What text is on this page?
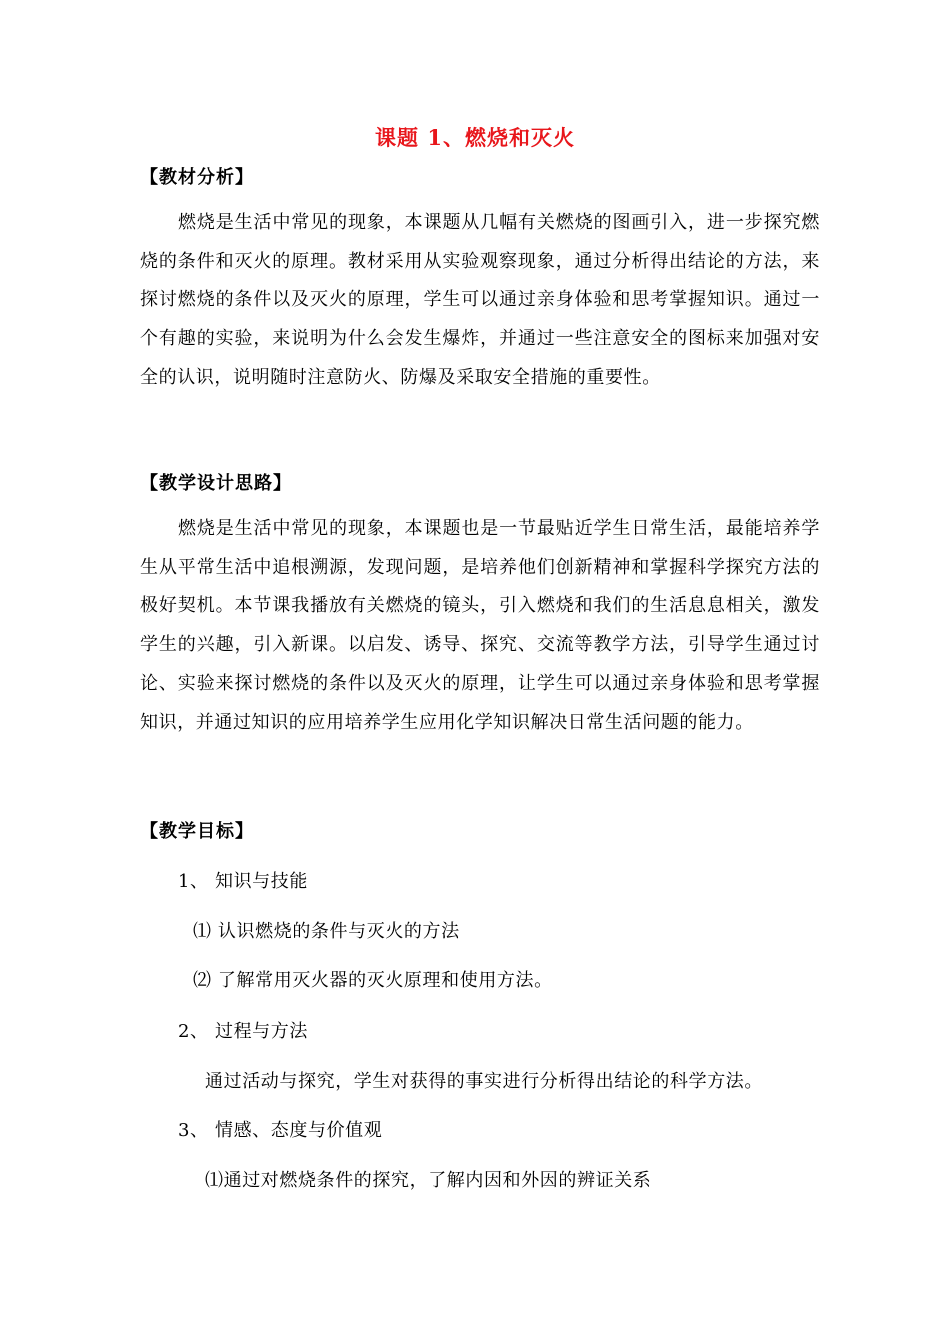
课题 1、燃烧和灭火
【教材分析】
燃烧是生活中常见的现象，本课题从几幅有关燃烧的图画引入，进一步探究燃烧的条件和灭火的原理。教材采用从实验观察现象，通过分析得出结论的方法，来探讨燃烧的条件以及灭火的原理，学生可以通过亲身体验和思考掌握知识。通过一个有趣的实验，来说明为什么会发生爆炸，并通过一些注意安全的图标来加强对安全的认识，说明随时注意防火、防爆及采取安全措施的重要性。
【教学设计思路】
燃烧是生活中常见的现象，本课题也是一节最贴近学生日常生活，最能培养学生从平常生活中追根溯源，发现问题，是培养他们创新精神和掌握科学探究方法的极好契机。本节课我播放有关燃烧的镜头，引入燃烧和我们的生活息息相关，激发学生的兴趣，引入新课。以启发、诱导、探究、交流等教学方法，引导学生通过讨论、实验来探讨燃烧的条件以及灭火的原理，让学生可以通过亲身体验和思考掌握知识，并通过知识的应用培养学生应用化学知识解决日常生活问题的能力。
【教学目标】
1、 知识与技能
⑴ 认识燃烧的条件与灭火的方法
⑵ 了解常用灭火器的灭火原理和使用方法。
2、 过程与方法
通过活动与探究，学生对获得的事实进行分析得出结论的科学方法。
3、 情感、态度与价值观
⑴通过对燃烧条件的探究，了解内因和外因的辨证关系
